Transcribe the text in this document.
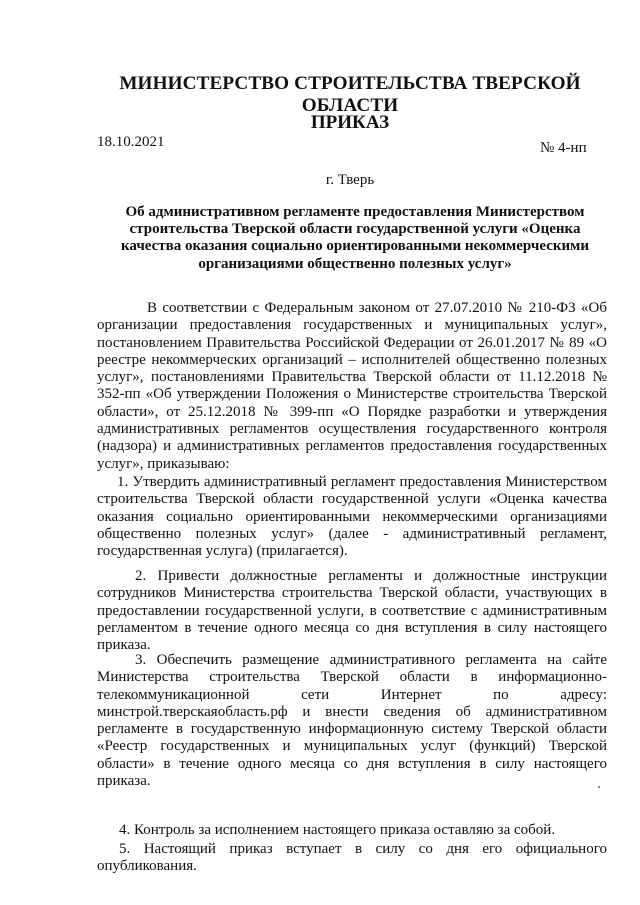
МИНИСТЕРСТВО СТРОИТЕЛЬСТВА ТВЕРСКОЙ ОБЛАСТИ
ПРИКАЗ
18.10.2021	№ 4-нп
г. Тверь
Об административном регламенте предоставления Министерством строительства Тверской области государственной услуги «Оценка качества оказания социально ориентированными некоммерческими организациями общественно полезных услуг»

В соответствии с Федеральным законом от 27.07.2010 № 210-ФЗ «Об организации предоставления государственных и муниципальных услуг», постановлением Правительства Российской Федерации от 26.01.2017 № 89 «О реестре некоммерческих организаций – исполнителей общественно полезных услуг», постановлениями Правительства Тверской области от 11.12.2018 № 352-пп «Об утверждении Положения о Министерстве строительства Тверской области», от 25.12.2018 № 399-пп «О Порядке разработки и утверждения административных регламентов осуществления государственного контроля (надзора) и административных регламентов предоставления государственных услуг», приказываю:

1. Утвердить административный регламент предоставления Министерством строительства Тверской области государственной услуги «Оценка качества оказания социально ориентированными некоммерческими организациями общественно полезных услуг» (далее - административный регламент, государственная услуга) (прилагается).

2. Привести должностные регламенты и должностные инструкции сотрудников Министерства строительства Тверской области, участвующих в предоставлении государственной услуги, в соответствие с административным регламентом в течение одного месяца со дня вступления в силу настоящего приказа.

3. Обеспечить размещение административного регламента на сайте Министерства строительства Тверской области в информационно-телекоммуникационной сети Интернет по адресу: минстрой.тверскаяобласть.рф и внести сведения об административном регламенте в государственную информационную систему Тверской области «Реестр государственных и муниципальных услуг (функций) Тверской области» в течение одного месяца со дня вступления в силу настоящего приказа.

4. Контроль за исполнением настоящего приказа оставляю за собой.

5. Настоящий приказ вступает в силу со дня его официального опубликования.
